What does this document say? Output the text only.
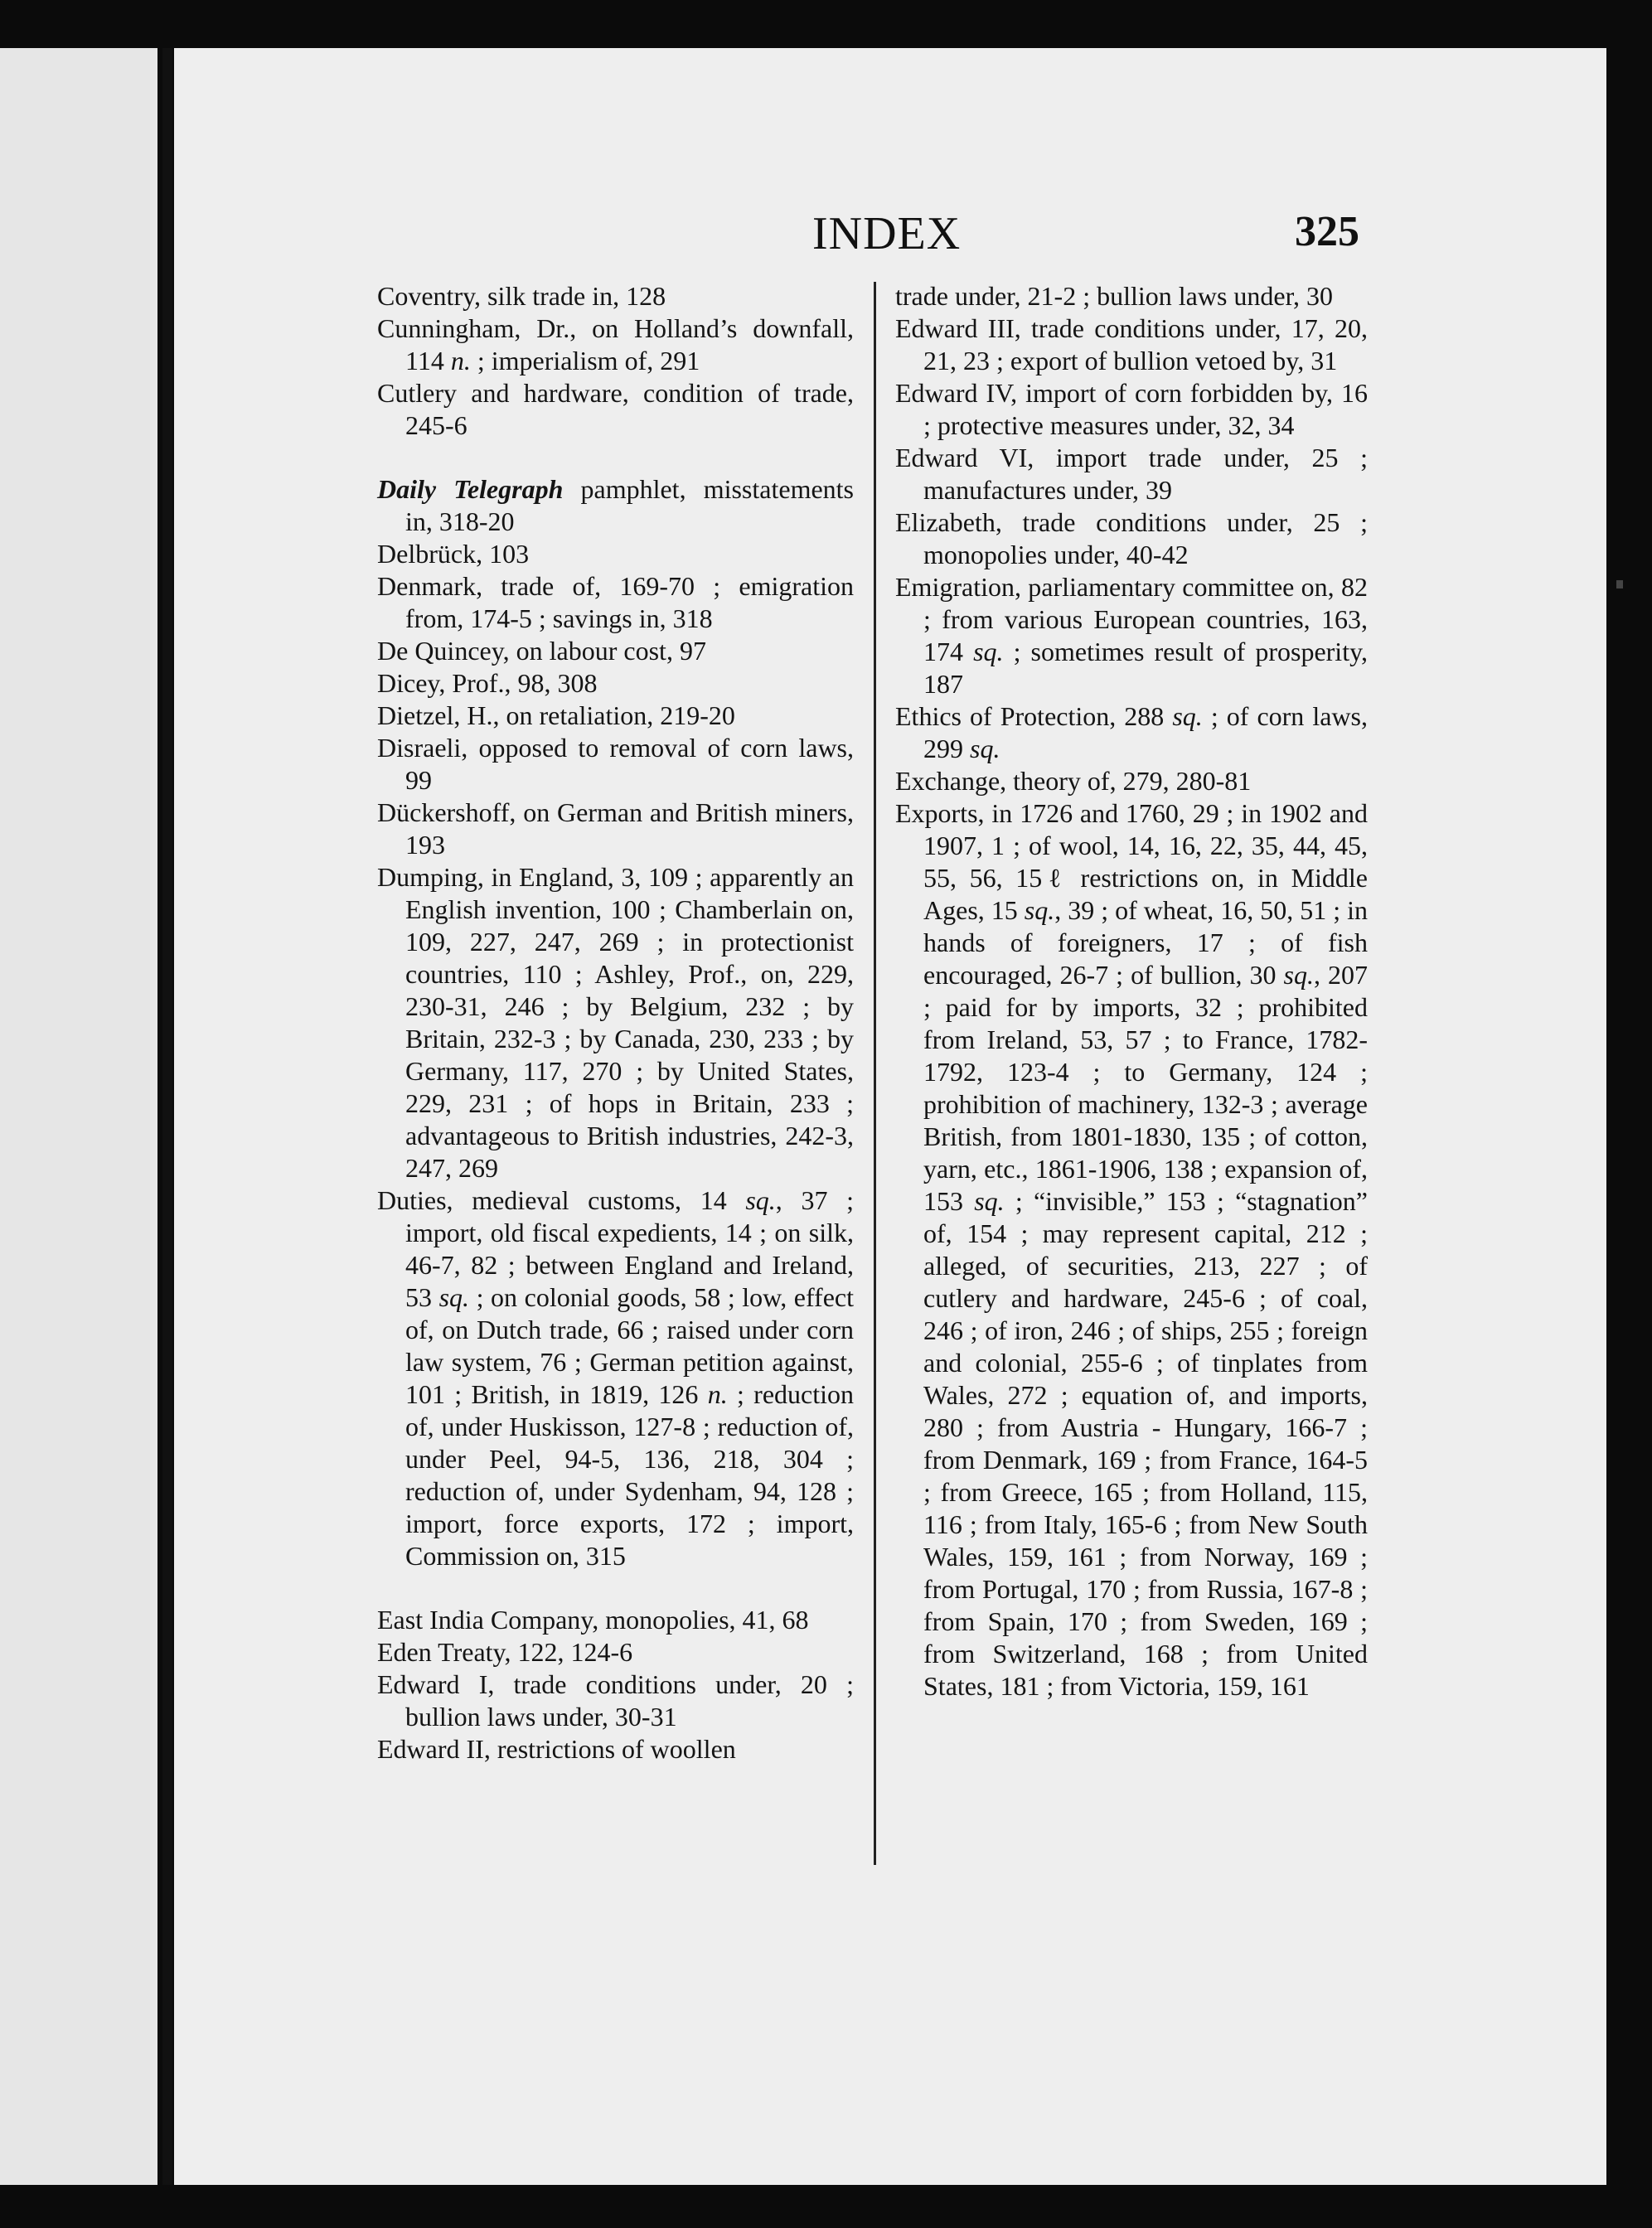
INDEX	325

Coventry, silk trade in, 128

Cunningham, Dr., on Holland’s downfall, 114 n. ; imperialism of, 291

Cutlery and hardware, condition of trade, 245-6

Daily Telegraph pamphlet, misstatements in, 318-20

Delbrück, 103

Denmark, trade of, 169-70 ; emigration from, 174-5 ; savings in, 318

De Quincey, on labour cost, 97

Dicey, Prof., 98, 308

Dietzel, H., on retaliation, 219-20

Disraeli, opposed to removal of corn laws, 99

Dückershoff, on German and British miners, 193

Dumping, in England, 3, 109 ; apparently an English invention, 100 ; Chamberlain on, 109, 227, 247, 269 ; in protectionist countries, 110 ; Ashley, Prof., on, 229, 230-31, 246 ; by Belgium, 232 ; by Britain, 232-3 ; by Canada, 230, 233 ; by Germany, 117, 270 ; by United States, 229, 231 ; of hops in Britain, 233 ; advantageous to British industries, 242-3, 247, 269

Duties, medieval customs, 14 sq., 37 ; import, old fiscal expedients, 14 ; on silk, 46-7, 82 ; between England and Ireland, 53 sq. ; on colonial goods, 58 ; low, effect of, on Dutch trade, 66 ; raised under corn law system, 76 ; German petition against, 101 ; British, in 1819, 126 n. ; reduction of, under Huskisson, 127-8 ; reduction of, under Peel, 94-5, 136, 218, 304 ; reduction of, under Sydenham, 94, 128 ; import, force exports, 172 ; import, Commission on, 315

East India Company, monopolies, 41, 68

Eden Treaty, 122, 124-6

Edward I, trade conditions under, 20 ; bullion laws under, 30-31

Edward II, restrictions of woollen

trade under, 21-2 ; bullion laws under, 30

Edward III, trade conditions under, 17, 20, 21, 23 ; export of bullion vetoed by, 31

Edward IV, import of corn forbidden by, 16 ; protective measures under, 32, 34

Edward VI, import trade under, 25 ; manufactures under, 39

Elizabeth, trade conditions under, 25 ; monopolies under, 40-42

Emigration, parliamentary committee on, 82 ; from various European countries, 163, 174 sq. ; sometimes result of prosperity, 187

Ethics of Protection, 288 sq. ; of corn laws, 299 sq.

Exchange, theory of, 279, 280-81

Exports, in 1726 and 1760, 29 ; in 1902 and 1907, 1 ; of wool, 14, 16, 22, 35, 44, 45, 55, 56, 15ℓ restrictions on, in Middle Ages, 15 sq., 39 ; of wheat, 16, 50, 51 ; in hands of foreigners, 17 ; of fish encouraged, 26-7 ; of bullion, 30 sq., 207 ; paid for by imports, 32 ; prohibited from Ireland, 53, 57 ; to France, 1782-1792, 123-4 ; to Germany, 124 ; prohibition of machinery, 132-3 ; average British, from 1801-1830, 135 ; of cotton, yarn, etc., 1861-1906, 138 ; expansion of, 153 sq. ; “invisible,” 153 ; “stagnation” of, 154 ; may represent capital, 212 ; alleged, of securities, 213, 227 ; of cutlery and hardware, 245-6 ; of coal, 246 ; of iron, 246 ; of ships, 255 ; foreign and colonial, 255-6 ; of tinplates from Wales, 272 ; equation of, and imports, 280 ; from Austria - Hungary, 166-7 ; from Denmark, 169 ; from France, 164-5 ; from Greece, 165 ; from Holland, 115, 116 ; from Italy, 165-6 ; from New South Wales, 159, 161 ; from Norway, 169 ; from Portugal, 170 ; from Russia, 167-8 ; from Spain, 170 ; from Sweden, 169 ; from Switzerland, 168 ; from United States, 181 ; from Victoria, 159, 161
